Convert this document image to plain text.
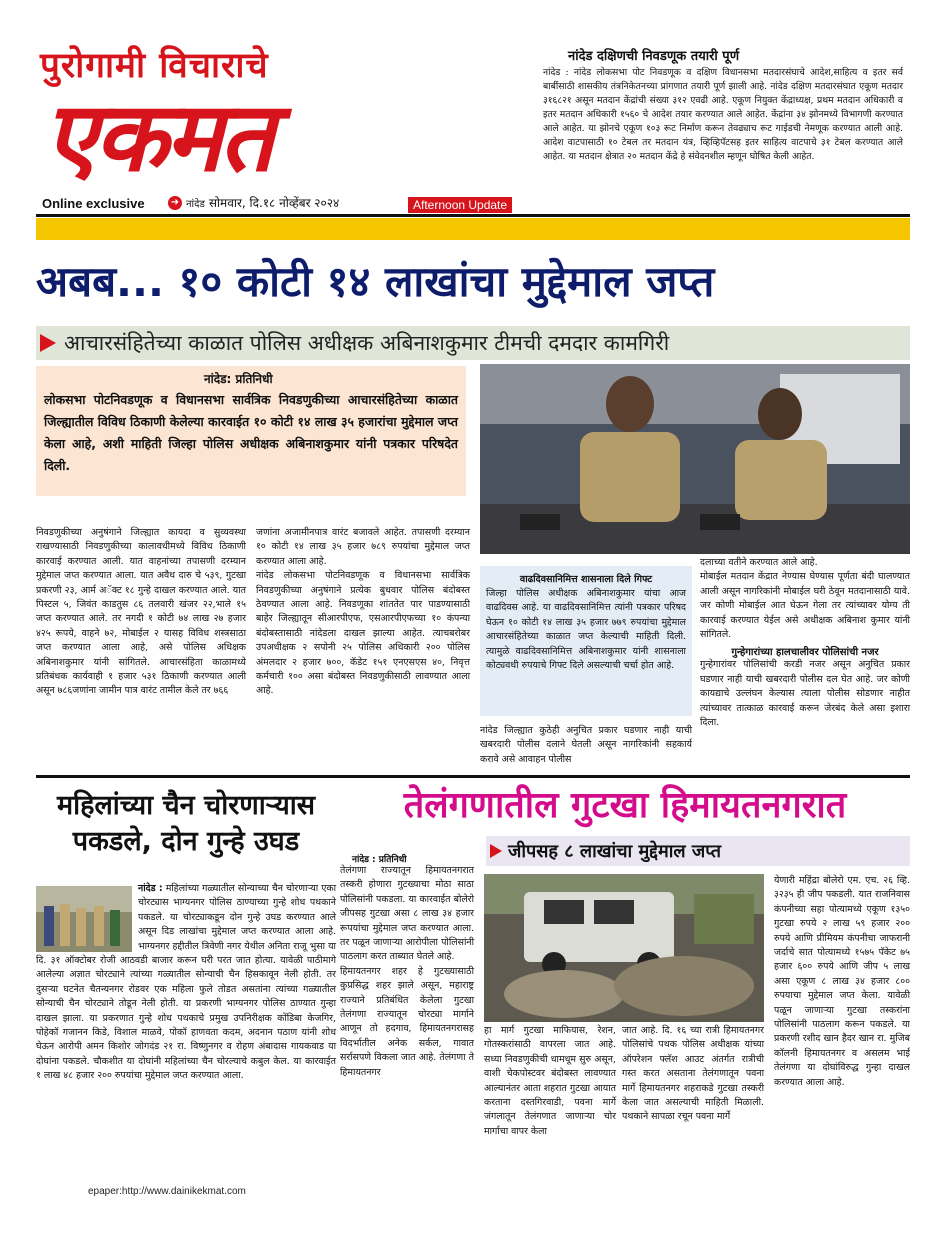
पुरोगामी विचाराचे
एकमत
Online exclusive	➜ नांदेड सोमवार, दि.१८ नोव्हेंबर २०२४	Afternoon Update
नांदेड दक्षिणची निवडणूक तयारी पूर्ण
नांदेड : नांदेड लोकसभा पोट निवडणूक व दक्षिण विधानसभा मतदारसंघाचे आदेश,साहित्य व इतर सर्व बाबींसाठी शासकीय तंत्रनिकेतनच्या प्रांगणात तयारी पूर्ण झाली आहे. नांदेड दक्षिण मतदारसंघात एकूण मतदार ३१६८२१ असून मतदान केंद्रांची संख्या ३१२ एवढी आहे. एकूण नियुक्त केंद्राध्यक्ष, प्रथम मतदान अधिकारी व इतर मतदान अधिकारी १५६० चे आदेश तयार करण्यात आले आहेत. केंद्रांना ३४ झोनमध्ये विभागणी करण्यात आले आहेत. या झोनचे एकूण १०३ रूट निर्माण करून तेवढ्याच रूट गाईडची नेमणूक करण्यात आली आहे. आदेश वाटपासाठी १० टेबल तर मतदान यंत्र, व्हिव्हिपॅटसह इतर साहित्य वाटपाचे ३१ टेबल करण्यात आले आहेत. या मतदान क्षेत्रात २० मतदान केंद्रे हे संवेदनशील म्हणून घोषित केली आहेत.
अबब... १० कोटी १४ लाखांचा मुद्देमाल जप्त
आचारसंहितेच्या काळात पोलिस अधीक्षक अबिनाशकुमार टीमची दमदार कामगिरी
नांदेड: प्रतिनिधी
लोकसभा पोटनिवडणूक व विधानसभा सार्वत्रिक निवडणुकीच्या आचारसंहितेच्या काळात जिल्ह्यातील विविध ठिकाणी केलेल्या कारवाईत १० कोटी १४ लाख ३५ हजारांचा मुद्देमाल जप्त केला आहे, अशी माहिती जिल्हा पोलिस अधीक्षक अबिनाशकुमार यांनी पत्रकार परिषदेत दिली.
निवडणुकीच्या अनुषंगाने जिल्ह्यात कायदा व सुव्यवस्था राखण्यासाठी निवडणुकीच्या कालावधीमध्ये विविध ठिकाणी कारवाई करण्यात आली. यात वाहनांच्या तपासणी दरम्यान मुद्देमाल जप्त करण्यात आला. यात अवैध दारु चे ५३९, गुटखा प्रकरणी २३, आर्म अॅक्ट १८ गुन्हे दाखल करण्यात आले. यात पिस्टल ५, जिवंत काडतुस ८६ तलवारी खंजर २२,भाले १५ जप्त करण्यात आले. तर नगदी १ कोटी ७४ लाख २७ हजार ४२५ रूपये, वाहने ७२, मोबाईल २ यासह विविध शस्त्रसाठा जप्त करण्यात आला आहे, असे पोलिस अधिक्षक अबिनाशकुमार यांनी सांगितले. आचारसंहिता काळामध्ये प्रतिबंधक कार्यवाही १ हजार ५३१ ठिकाणी करण्यात आली असून ७८६जणांना जामीन पात्र वारंट तामील केले तर ७६६
जणांना अजामीनपात्र वारंट बजावले आहेत. तपासणी दरम्यान १० कोटी १४ लाख ३५ हजार ७८९ रुपयांचा मुद्देमाल जप्त करण्यात आला आहे.
नांदेड लोकसभा पोटनिवडणूक व विधानसभा सार्वत्रिक निवडणुकीच्या अनुषंगाने प्रत्येक बुधवार पोलिस बंदोबस्त ठेवण्यात आला आहे. निवडणूका शांततेत पार पाडण्यासाठी बाहेर जिल्ह्यातून सीआरपीएफ, एसआरपीएफच्या १० कंपन्या बंदोबस्तासाठी नांदेडला दाखल झाल्या आहेत. त्याचबरोबर उपअधीक्षक २ सपोनी २५ पोलिस अधिकारी २०० पोलिस अंमलदार २ हजार ७००, कॅडेट १५१ एनएसएस ४०, निवृत्त कर्मचारी १०० असा बंदोबस्त निवडणुकीसाठी लावण्यात आला आहे.
वाढदिवसानिमित्त शासनाला दिले गिफ्ट
जिल्हा पोलिस अधीक्षक अबिनाशकुमार यांचा आज वाढदिवस आहे. या वाढदिवसानिमित्त त्यांनी पत्रकार परिषद घेऊन १० कोटी १४ लाख ३५ हजार ७७९ रुपयांचा मुद्देमाल आचारसंहितेच्या काळात जप्त केल्याची माहिती दिली. त्यामुळे वाढदिवसानिमित्त अबिनाशकुमार यांनी शासनाला कोट्यवधी रुपयाचे गिफ्ट दिले असल्याची चर्चा होत आहे.
नांदेड जिल्ह्यात कुठेही अनुचित प्रकार घडणार नाही याची खबरदारी पोलीस दलाने घेतली असून नागरिकांनी सहकार्य करावे असे आवाहन पोलीस
दलाच्या वतीने करण्यात आले आहे.
मोबाईल मतदान केंद्रात नेण्यास घेण्यास पूर्णता बंदी घालण्यात आली असून नागरिकांनी मोबाईल घरी ठेवून मतदानासाठी यावे. जर कोणी मोबाईल आत घेऊन गेला तर त्यांच्यावर योग्य ती कारवाई करण्यात येईल असे अधीक्षक अबिनाश कुमार यांनी सांगितले.
गुन्हेगारांच्या हालचालीवर पोलिसांची नजर
गुन्हेगारांवर पोलिसांची करडी नजर असून अनुचित प्रकार घडणार नाही याची खबरदारी पोलीस दल घेत आहे. जर कोणी कायद्याचे उल्लंघन केल्यास त्याला पोलीस सोडणार नाहीत त्यांच्यावर तात्काळ कारवाई करून जेरबंद केले असा इशारा दिला.
महिलांच्या चैन चोरणाऱ्यास पकडले, दोन गुन्हे उघड
नांदेड : महिलांच्या गळ्यातील सोन्याच्या चैन चोरणाऱ्या एका चोरट्यास भाग्यनगर पोलिस ठाण्याच्या गुन्हे शोध पथकाने पकडले. या चोरट्याकडून दोन गुन्हे उघड करण्यात आले असून दिड लाखांचा मुद्देमाल जप्त करण्यात आला आहे. भाग्यनगर हद्दीतील त्रिवेणी नगर येथील अनिता राजू भुसा या दि. ३१ ऑक्टोबर रोजी आठवडी बाजार करून घरी परत जात होत्या. यावेळी पाठीमागे आलेल्या अज्ञात चोरट्याने त्यांच्या गळ्यातील सोन्याची चैन हिसकावून नेली होती. तर दुसऱ्या घटनेत चैतन्यनगर रोडवर एक महिला फुले तोडत असतांना त्यांच्या गळ्यातील सोन्याची चैन चोरट्याने तोडून नेली होती. या प्रकरणी भाग्यनगर पोलिस ठाण्यात गुन्हा दाखल झाला. या प्रकरणात गुन्हे शोध पथकाचे प्रमुख उपनिरीक्षक कोंडिबा केजगिर, पोहेकॉ गजानन किडे, विशाल माळवे, पोकॉ हाणवता कदम, अदनान पठाण यांनी शोध घेऊन आरोपी अमन किशोर जोगदंड २१ रा. विष्णुनगर व रोहण अंबादास गायकवाड या दोघांना पकडले. चौकशीत या दोघांनी महिलांच्या चैन चोरल्याचे कबुल केल. या कारवाईत १ लाख ४८ हजार २०० रुपयांचा मुद्देमाल जप्त करण्यात आला.
तेलंगणातील गुटखा हिमायतनगरात
जीपसह ८ लाखांचा मुद्देमाल जप्त
नांदेड : प्रतिनिधी
तेलंगणा राज्यातून हिमायतनगरात तस्करी होणारा गुटख्याचा मोठा साठा पोलिसांनी पकडला. या कारवाईत बोलेरो जीपसह गुटखा असा ८ लाख ३४ हजार रूपयांचा मुद्देमाल जप्त करण्यात आला. तर पळून जाणाऱ्या आरोपीला पोलिसांनी पाठलाग करत ताब्यात घेतले आहे.
हिमायतनगर शहर हे गुटख्यासाठी कुप्रसिद्ध शहर झाले असून, महाराष्ट्र राज्याने प्रतिबंधित केलेला गुटखा तेलंगणा राज्यातून चोरट्या मार्गाने आणून तो हदगाव, हिमायतनगरासह विदर्भातील अनेक सर्कल, गावात सर्रासपणे विकला जात आहे. तेलंगणा ते हिमायतनगर
हा मार्ग गुटखा माफियास, रेशन, गोतस्करांसाठी वापरला जात आहे. सध्या निवडणुकीची धामधूम सुरु असून, वाशी चेकपोस्टवर बंदोबस्त लावण्यात आल्यानंतर आता शहरात गुटखा आयात करताना दस्तगिरवाडी, पवना मार्गे जंगलातून तेलंगणात जाणाऱ्या चोर मार्गाचा वापर केला
जात आहे. दि. १६ च्या रात्री हिमायतनगर पोलिसांचे पथक पोलिस अधीक्षक यांच्या ऑपरेशन फ्लॅश आउट अंतर्गत रात्रीची गस्त करत असताना तेलंगणातून पवना मार्गे हिमायतनगर शहराकडे गुटखा तस्करी केला जात असल्याची माहिती मिळाली. पथकाने सापळा रचून पवना मार्गे
येणारी महिंद्रा बोलेरो एम. एच. २६ व्हि. ३२३५ ही जीप पकडली. यात राजनिवास कंपनीच्या सहा पोत्यामध्ये एकूण १३५० गुटखा रुपये २ लाख ५९ हजार २०० रुपये आणि प्रीमियम कंपनीचा जाफरानी जर्दाचे सात पोत्यामध्ये १५७५ पॅकेट ७५ हजार ६०० रुपये आणि जीप ५ लाख असा एकूण ८ लाख ३४ हजार ८०० रुपयाचा मुद्देमाल जप्त केला. यावेळी पळून जाणाऱ्या गुटखा तस्करांना पोलिसांनी पाठलाग करून पकडले. या प्रकरणी रशीद खान हैदर खान रा. मुजिब कॉलनी हिमायतनगर व असलम भाई तेलंगणा या दोघांविरुद्ध गुन्हा दाखल करण्यात आला आहे.
epaper:http://www.dainikekmat.com
